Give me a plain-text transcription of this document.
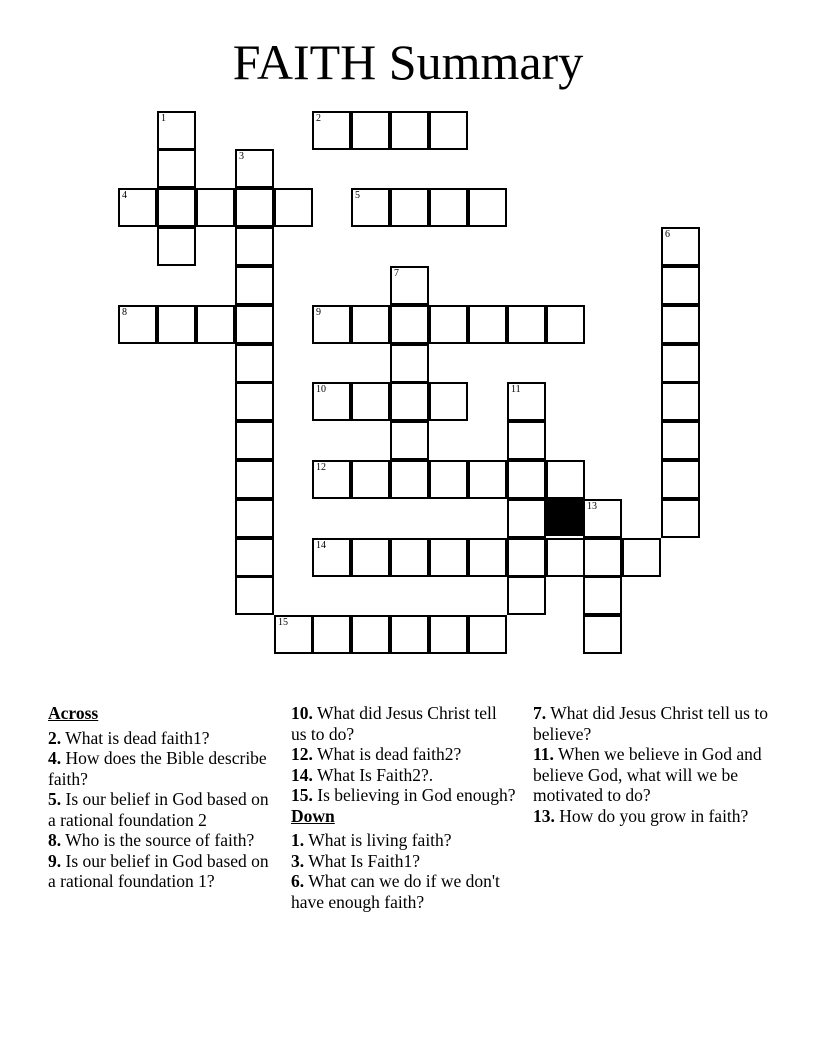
FAITH Summary
1	2
3
4	5
6
7
8	9
10	11
12
13
14
15
Across
2. What is dead faith1?
4. How does the Bible describe faith?
5. Is our belief in God based on a rational foundation 2
8. Who is the source of faith?
9. Is our belief in God based on a rational foundation 1?
10. What did Jesus Christ tell us to do?
12. What is dead faith2?
14. What Is Faith2?.
15. Is believing in God enough?
Down
1. What is living faith?
3. What Is Faith1?
6. What can we do if we don't have enough faith?
7. What did Jesus Christ tell us to believe?
11. When we believe in God and believe God, what will we be motivated to do?
13. How do you grow in faith?
